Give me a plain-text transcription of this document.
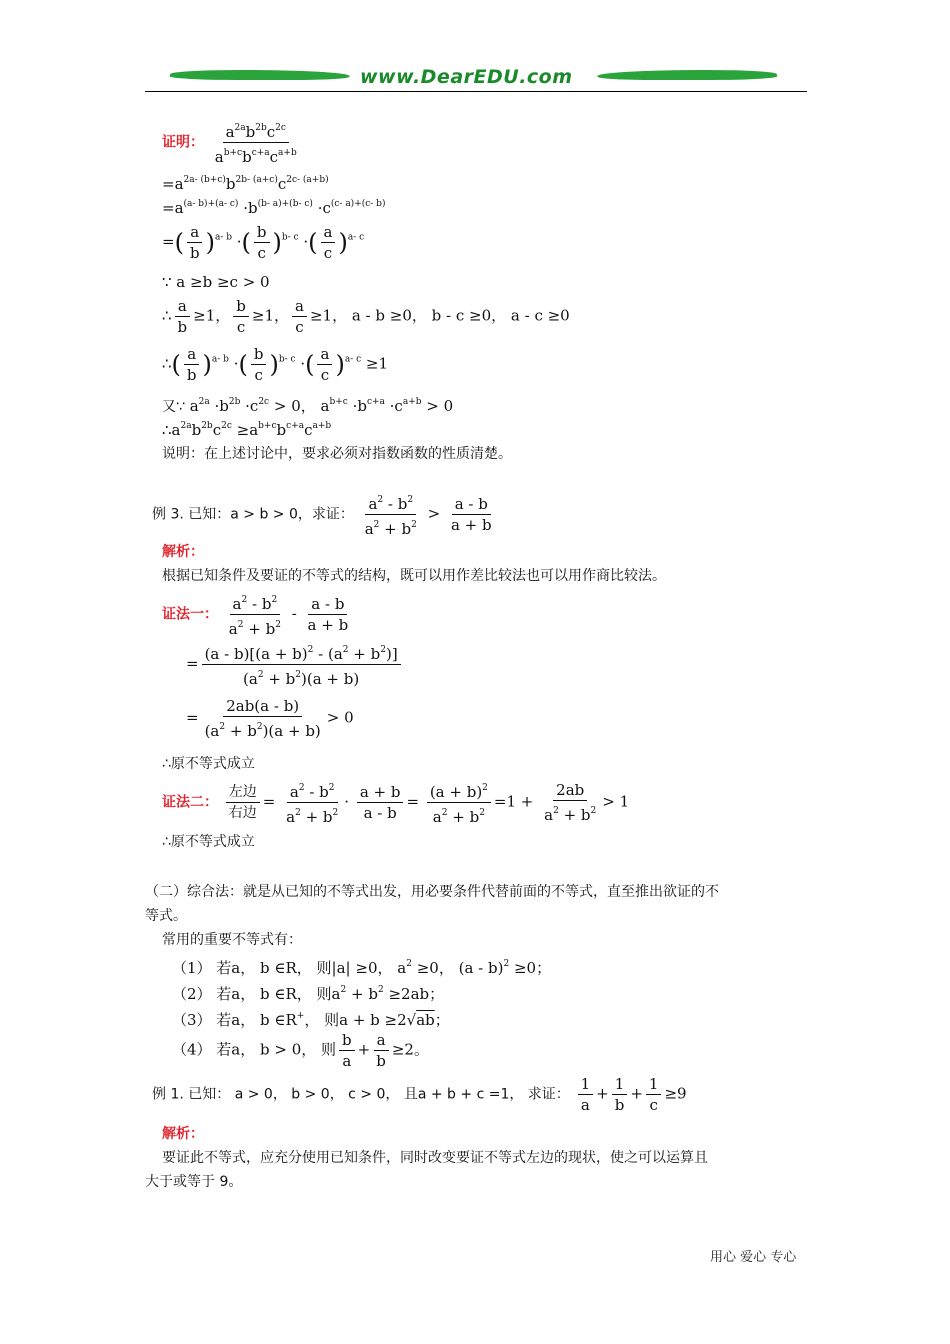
www.DearEDU.com
证明： $\frac{a^{2a}b^{2b}c^{2c}}{a^{b+c}b^{c+a}c^{a+b}}$
$=a^{2a- (b+c)}b^{2b- (a+c)}c^{2c- (a+b)}$
$=a^{(a- b)+(a- c)} \cdot b^{(b- a)+(b- c)} \cdot c^{(c- a)+(c- b)}$
=( $\frac{a}{b} )^{a- b}$ ·( $\frac{b}{c} )^{b- c}$ ·( $\frac{a}{c} )^{a- c}$
∵ a ≥b ≥c > 0
∴ $\frac{a}{b} \ge 1$， $\frac{b}{c} \ge 1$， $\frac{a}{c} \ge 1$， a - b ≥0， b - c ≥0， a - c ≥0
∴( $\frac{a}{b} )^{a- b}$ ·( $\frac{b}{c} )^{b- c}$ ·( $\frac{a}{c} )^{a- c} \ge 1$
又∵ $a^{2a} \cdot b^{2b} \cdot c^{2c} > 0$， $a^{b+c} \cdot b^{c+a} \cdot c^{a+b} > 0$
$\therefore a^{2a}b^{2b}c^{2c} \ge a^{b+c}b^{c+a}c^{a+b}$
说明：在上述讨论中，要求必须对指数函数的性质清楚。
例 3. 已知：a > b > 0，求证： $\frac{a^2 - b^2}{a^2 + b^2} > \frac{a - b}{a + b}$
解析：
根据已知条件及要证的不等式的结构，既可以用作差比较法也可以用作商比较法。
证法一： $\frac{a^2 - b^2}{a^2 + b^2} - \frac{a - b}{a + b}$
= $\frac{(a - b)[(a + b)^2 - (a^2 + b^2)]}{(a^2 + b^2)(a + b)}$
= $\frac{2ab(a - b)}{(a^2 + b^2)(a + b)} > 0$
∴原不等式成立
证法二： $\frac{\text{左边}}{\text{右边}} = \frac{a^2 - b^2}{a^2 + b^2} \cdot \frac{a + b}{a - b} = \frac{(a + b)^2}{a^2 + b^2} =1 + \frac{2ab}{a^2 + b^2} > 1$
∴原不等式成立
（二）综合法：就是从已知的不等式出发，用必要条件代替前面的不等式，直至推出欲证的不
等式。
常用的重要不等式有：
（1） 若a， b ∈R， 则|a| ≥0， $a^2 \ge 0$， (a - b)$^2$ ≥0；
（2） 若a， b ∈R， 则$a^2 + b^2 \ge 2ab$；
（3） 若a， b ∈R+， 则a + b ≥2√ab；
（4） 若a， b > 0， 则 $\frac{b}{a} + \frac{a}{b} \ge 2$。
例 1. 已知： a > 0， b > 0， c > 0， 且a + b + c =1， 求证： $\frac{1}{a} + \frac{1}{b} + \frac{1}{c} \ge 9$
解析：
要证此不等式，应充分使用已知条件，同时改变要证不等式左边的现状，使之可以运算且
大于或等于 9。
用心 爱心 专心
